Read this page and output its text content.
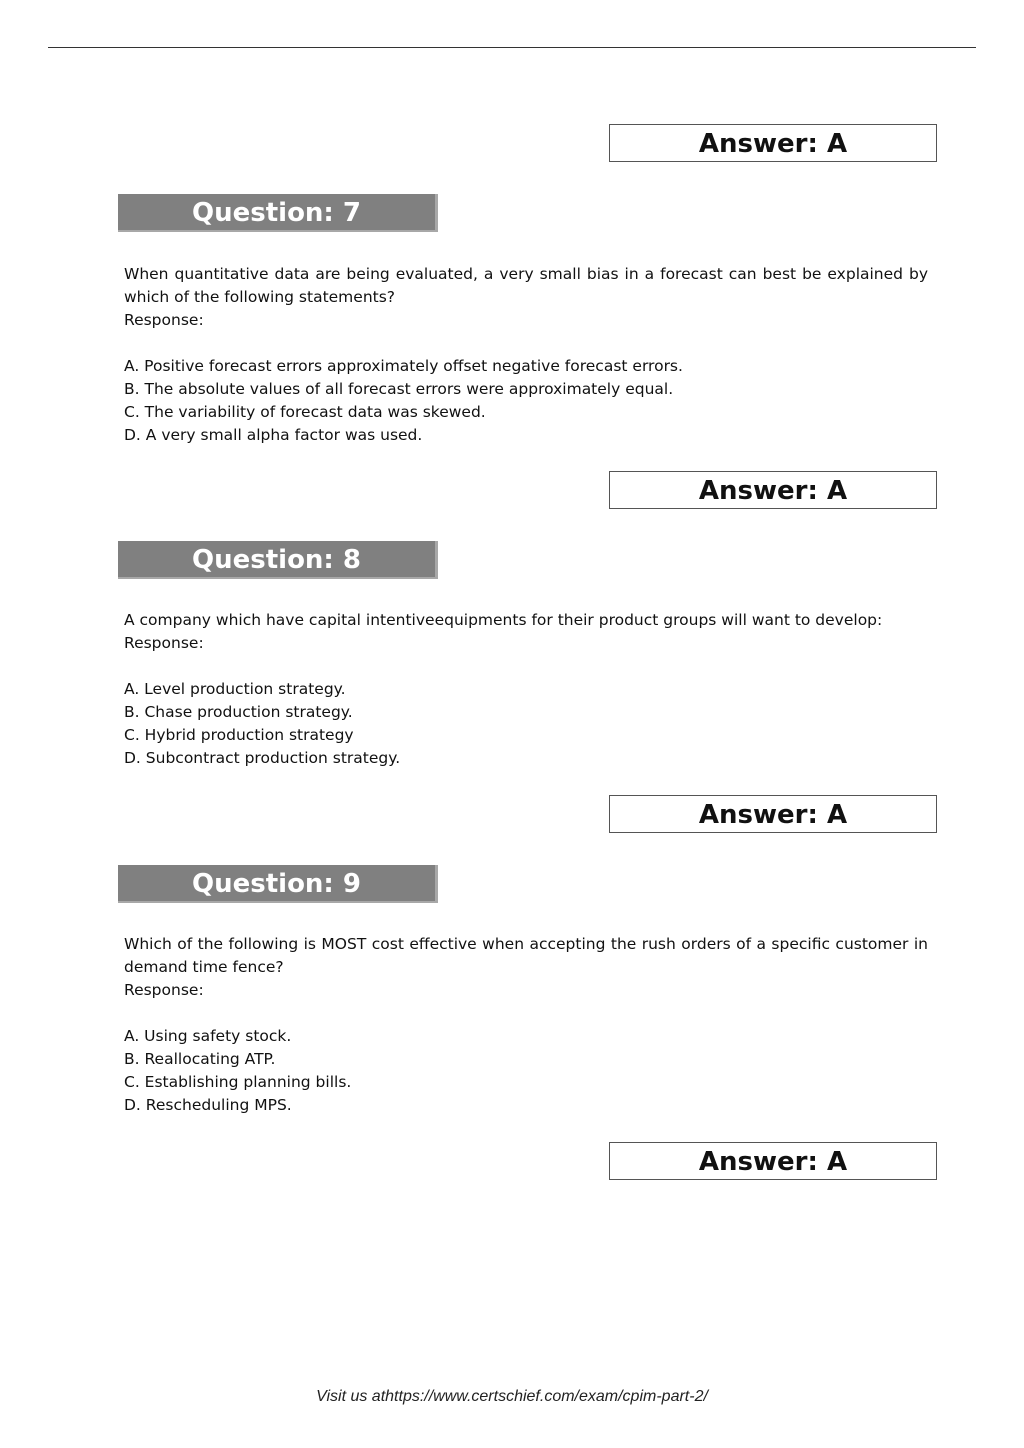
Answer: A
Question: 7
When quantitative data are being evaluated, a very small bias in a forecast can best be explained by which of the following statements?
Response:
A. Positive forecast errors approximately offset negative forecast errors.
B. The absolute values of all forecast errors were approximately equal.
C. The variability of forecast data was skewed.
D. A very small alpha factor was used.
Answer: A
Question: 8
A company which have capital intentiveequipments for their product groups will want to develop:
Response:
A. Level production strategy.
B. Chase production strategy.
C. Hybrid production strategy
D. Subcontract production strategy.
Answer: A
Question: 9
Which of the following is MOST cost effective when accepting the rush orders of a specific customer in demand time fence?
Response:
A. Using safety stock.
B. Reallocating ATP.
C. Establishing planning bills.
D. Rescheduling MPS.
Answer: A
Visit us athttps://www.certschief.com/exam/cpim-part-2/
